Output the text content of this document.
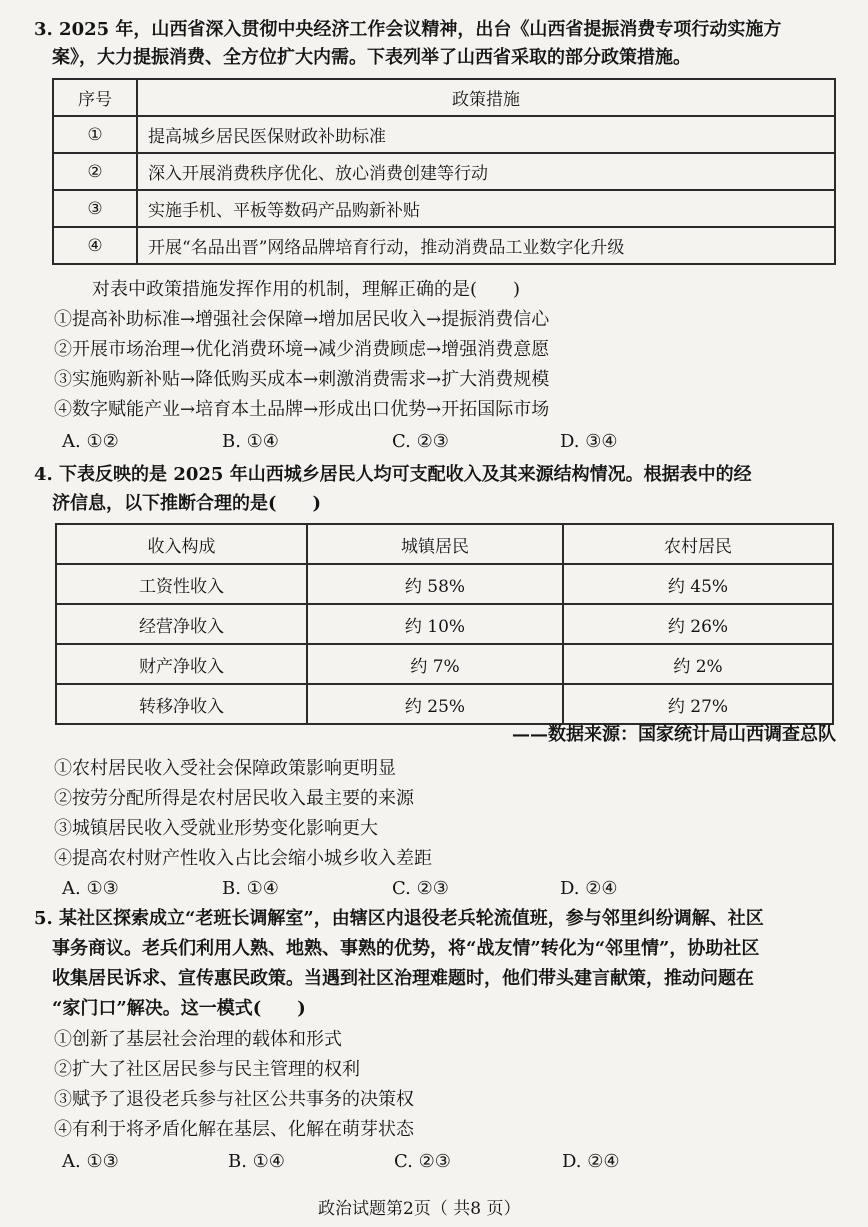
3. 2025 年，山西省深入贯彻中央经济工作会议精神，出台《山西省提振消费专项行动实施方
案》，大力提振消费、全方位扩大内需。下表列举了山西省采取的部分政策措施。
序号	政策措施
①	提高城乡居民医保财政补助标准
②	深入开展消费秩序优化、放心消费创建等行动
③	实施手机、平板等数码产品购新补贴
④	开展“名品出晋”网络品牌培育行动，推动消费品工业数字化升级
对表中政策措施发挥作用的机制，理解正确的是(　　)
①提高补助标准→增强社会保障→增加居民收入→提振消费信心
②开展市场治理→优化消费环境→减少消费顾虑→增强消费意愿
③实施购新补贴→降低购买成本→刺激消费需求→扩大消费规模
④数字赋能产业→培育本土品牌→形成出口优势→开拓国际市场
A. ①②	B. ①④	C. ②③	D. ③④
4. 下表反映的是 2025 年山西城乡居民人均可支配收入及其来源结构情况。根据表中的经
济信息，以下推断合理的是(　　)
收入构成	城镇居民	农村居民
工资性收入	约 58%	约 45%
经营净收入	约 10%	约 26%
财产净收入	约 7%	约 2%
转移净收入	约 25%	约 27%
——数据来源：国家统计局山西调查总队
①农村居民收入受社会保障政策影响更明显
②按劳分配所得是农村居民收入最主要的来源
③城镇居民收入受就业形势变化影响更大
④提高农村财产性收入占比会缩小城乡收入差距
A. ①③	B. ①④	C. ②③	D. ②④
5. 某社区探索成立“老班长调解室”，由辖区内退役老兵轮流值班，参与邻里纠纷调解、社区
事务商议。老兵们利用人熟、地熟、事熟的优势，将“战友情”转化为“邻里情”，协助社区
收集居民诉求、宣传惠民政策。当遇到社区治理难题时，他们带头建言献策，推动问题在
“家门口”解决。这一模式(　　)
①创新了基层社会治理的载体和形式
②扩大了社区居民参与民主管理的权利
③赋予了退役老兵参与社区公共事务的决策权
④有利于将矛盾化解在基层、化解在萌芽状态
A. ①③	B. ①④	C. ②③	D. ②④
政治试题第2页（ 共8 页）
